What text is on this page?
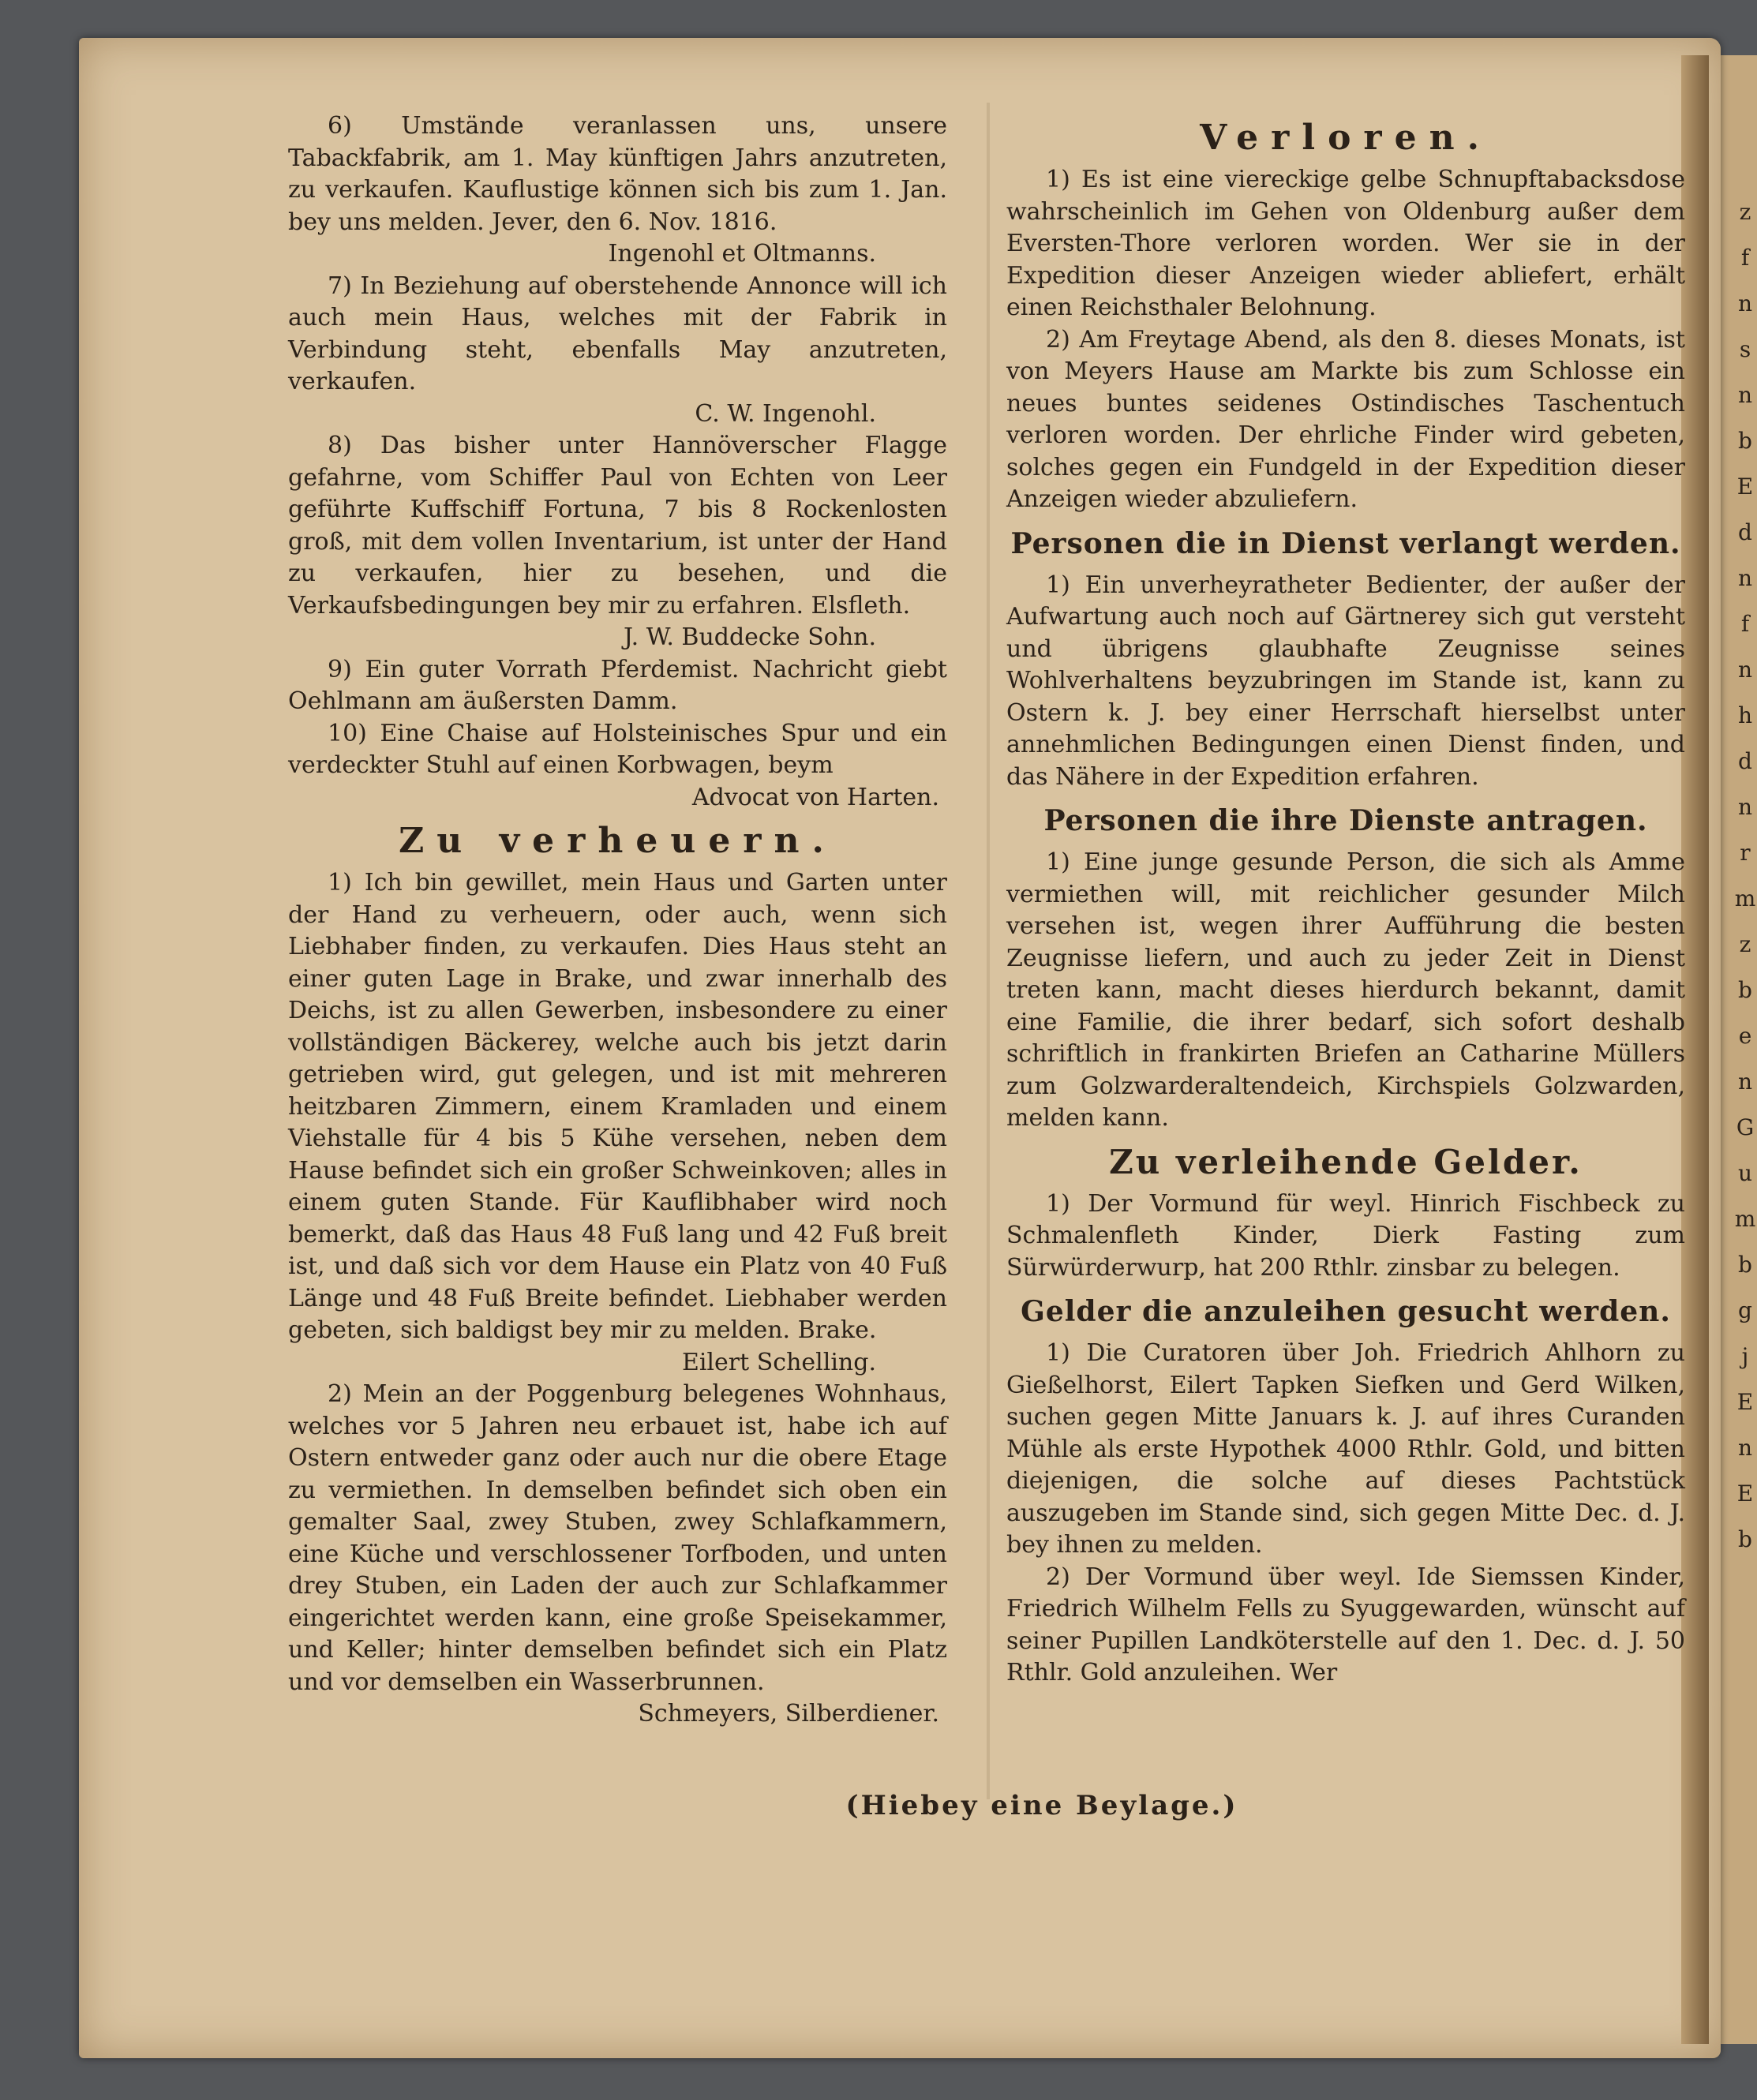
6) Umstände veranlassen uns, unsere Tabackfabrik, am 1. May künftigen Jahrs anzutreten, zu verkaufen. Kauflustige können sich bis zum 1. Jan. bey uns melden. Jever, den 6. Nov. 1816.
Ingenohl et Oltmanns.
7) In Beziehung auf oberstehende Annonce will ich auch mein Haus, welches mit der Fabrik in Verbindung steht, ebenfalls May anzutreten, verkaufen.
C. W. Ingenohl.
8) Das bisher unter Hannöverscher Flagge gefahrne, vom Schiffer Paul von Echten von Leer geführte Kuffschiff Fortuna, 7 bis 8 Rockenlosten groß, mit dem vollen Inventarium, ist unter der Hand zu verkaufen, hier zu besehen, und die Verkaufsbedingungen bey mir zu erfahren. Elsfleth.
J. W. Buddecke Sohn.
9) Ein guter Vorrath Pferdemist. Nachricht giebt Oehlmann am äußersten Damm.
10) Eine Chaise auf Holsteinisches Spur und ein verdeckter Stuhl auf einen Korbwagen, beym
Advocat von Harten.
Zu verheuern.
1) Ich bin gewillet, mein Haus und Garten unter der Hand zu verheuern, oder auch, wenn sich Liebhaber finden, zu verkaufen. Dies Haus steht an einer guten Lage in Brake, und zwar innerhalb des Deichs, ist zu allen Gewerben, insbesondere zu einer vollständigen Bäckerey, welche auch bis jetzt darin getrieben wird, gut gelegen, und ist mit mehreren heitzbaren Zimmern, einem Kramladen und einem Viehstalle für 4 bis 5 Kühe versehen, neben dem Hause befindet sich ein großer Schweinkoven; alles in einem guten Stande. Für Kauflibhaber wird noch bemerkt, daß das Haus 48 Fuß lang und 42 Fuß breit ist, und daß sich vor dem Hause ein Platz von 40 Fuß Länge und 48 Fuß Breite befindet. Liebhaber werden gebeten, sich baldigst bey mir zu melden. Brake.
Eilert Schelling.
2) Mein an der Poggenburg belegenes Wohnhaus, welches vor 5 Jahren neu erbauet ist, habe ich auf Ostern entweder ganz oder auch nur die obere Etage zu vermiethen. In demselben befindet sich oben ein gemalter Saal, zwey Stuben, zwey Schlafkammern, eine Küche und verschlossener Torfboden, und unten drey Stuben, ein Laden der auch zur Schlafkammer eingerichtet werden kann, eine große Speisekammer, und Keller; hinter demselben befindet sich ein Platz und vor demselben ein Wasserbrunnen.
Schmeyers, Silberdiener.
Verloren.
1) Es ist eine viereckige gelbe Schnupftabacksdose wahrscheinlich im Gehen von Oldenburg außer dem Eversten-Thore verloren worden. Wer sie in der Expedition dieser Anzeigen wieder abliefert, erhält einen Reichsthaler Belohnung.
2) Am Freytage Abend, als den 8. dieses Monats, ist von Meyers Hause am Markte bis zum Schlosse ein neues buntes seidenes Ostindisches Taschentuch verloren worden. Der ehrliche Finder wird gebeten, solches gegen ein Fundgeld in der Expedition dieser Anzeigen wieder abzuliefern.
Personen die in Dienst verlangt werden.
1) Ein unverheyratheter Bedienter, der außer der Aufwartung auch noch auf Gärtnerey sich gut versteht und übrigens glaubhafte Zeugnisse seines Wohlverhaltens beyzubringen im Stande ist, kann zu Ostern k. J. bey einer Herrschaft hierselbst unter annehmlichen Bedingungen einen Dienst finden, und das Nähere in der Expedition erfahren.
Personen die ihre Dienste antragen.
1) Eine junge gesunde Person, die sich als Amme vermiethen will, mit reichlicher gesunder Milch versehen ist, wegen ihrer Aufführung die besten Zeugnisse liefern, und auch zu jeder Zeit in Dienst treten kann, macht dieses hierdurch bekannt, damit eine Familie, die ihrer bedarf, sich sofort deshalb schriftlich in frankirten Briefen an Catharine Müllers zum Golzwarderaltendeich, Kirchspiels Golzwarden, melden kann.
Zu verleihende Gelder.
1) Der Vormund für weyl. Hinrich Fischbeck zu Schmalenfleth Kinder, Dierk Fasting zum Sürwürderwurp, hat 200 Rthlr. zinsbar zu belegen.
Gelder die anzuleihen gesucht werden.
1) Die Curatoren über Joh. Friedrich Ahlhorn zu Gießelhorst, Eilert Tapken Siefken und Gerd Wilken, suchen gegen Mitte Januars k. J. auf ihres Curanden Mühle als erste Hypothek 4000 Rthlr. Gold, und bitten diejenigen, die solche auf dieses Pachtstück auszugeben im Stande sind, sich gegen Mitte Dec. d. J. bey ihnen zu melden.
2) Der Vormund über weyl. Ide Siemssen Kinder, Friedrich Wilhelm Fells zu Syuggewarden, wünscht auf seiner Pupillen Landköterstelle auf den 1. Dec. d. J. 50 Rthlr. Gold anzuleihen. Wer
(Hiebey eine Beylage.)
z
f
n
s
n
b
E
d
n
f
n
h
d
n
r
m
z
b
e
n
G
u
m
b
g
j
E
n
E
b
